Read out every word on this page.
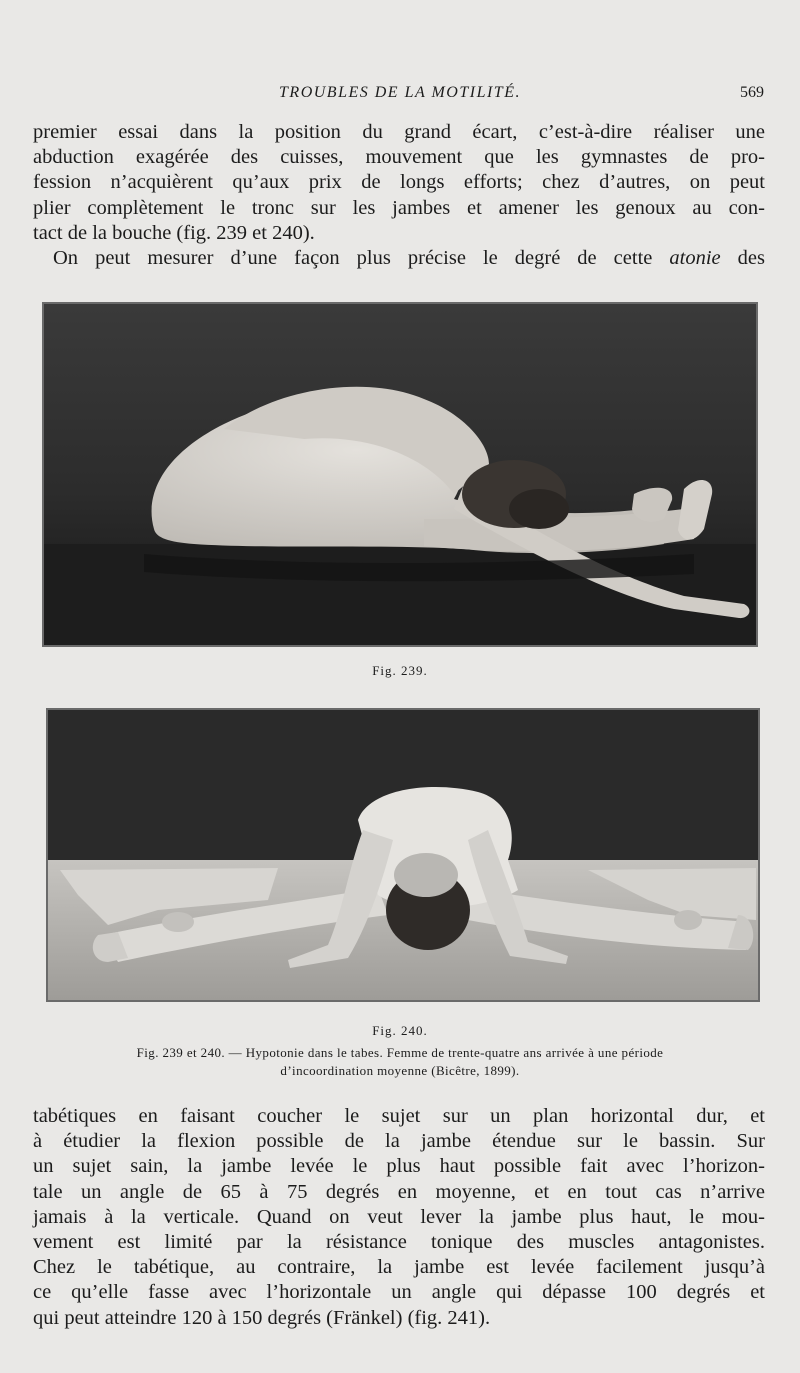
TROUBLES DE LA MOTILITÉ.	569
premier essai dans la position du grand écart, c’est-à-dire réaliser une
abduction exagérée des cuisses, mouvement que les gymnastes de pro-
fession n’acquièrent qu’aux prix de longs efforts; chez d’autres, on peut
plier complètement le tronc sur les jambes et amener les genoux au con-
tact de la bouche (fig. 239 et 240).
On peut mesurer d’une façon plus précise le degré de cette atonie des

Fig. 239.

Fig. 240.

Fig. 239 et 240. — Hypotonie dans le tabes. Femme de trente-quatre ans arrivée à une période
d’incoordination moyenne (Bicêtre, 1899).

tabétiques en faisant coucher le sujet sur un plan horizontal dur, et
à étudier la flexion possible de la jambe étendue sur le bassin. Sur
un sujet sain, la jambe levée le plus haut possible fait avec l’horizon-
tale un angle de 65 à 75 degrés en moyenne, et en tout cas n’arrive
jamais à la verticale. Quand on veut lever la jambe plus haut, le mou-
vement est limité par la résistance tonique des muscles antagonistes.
Chez le tabétique, au contraire, la jambe est levée facilement jusqu’à
ce qu’elle fasse avec l’horizontale un angle qui dépasse 100 degrés et
qui peut atteindre 120 à 150 degrés (Fränkel) (fig. 241).
